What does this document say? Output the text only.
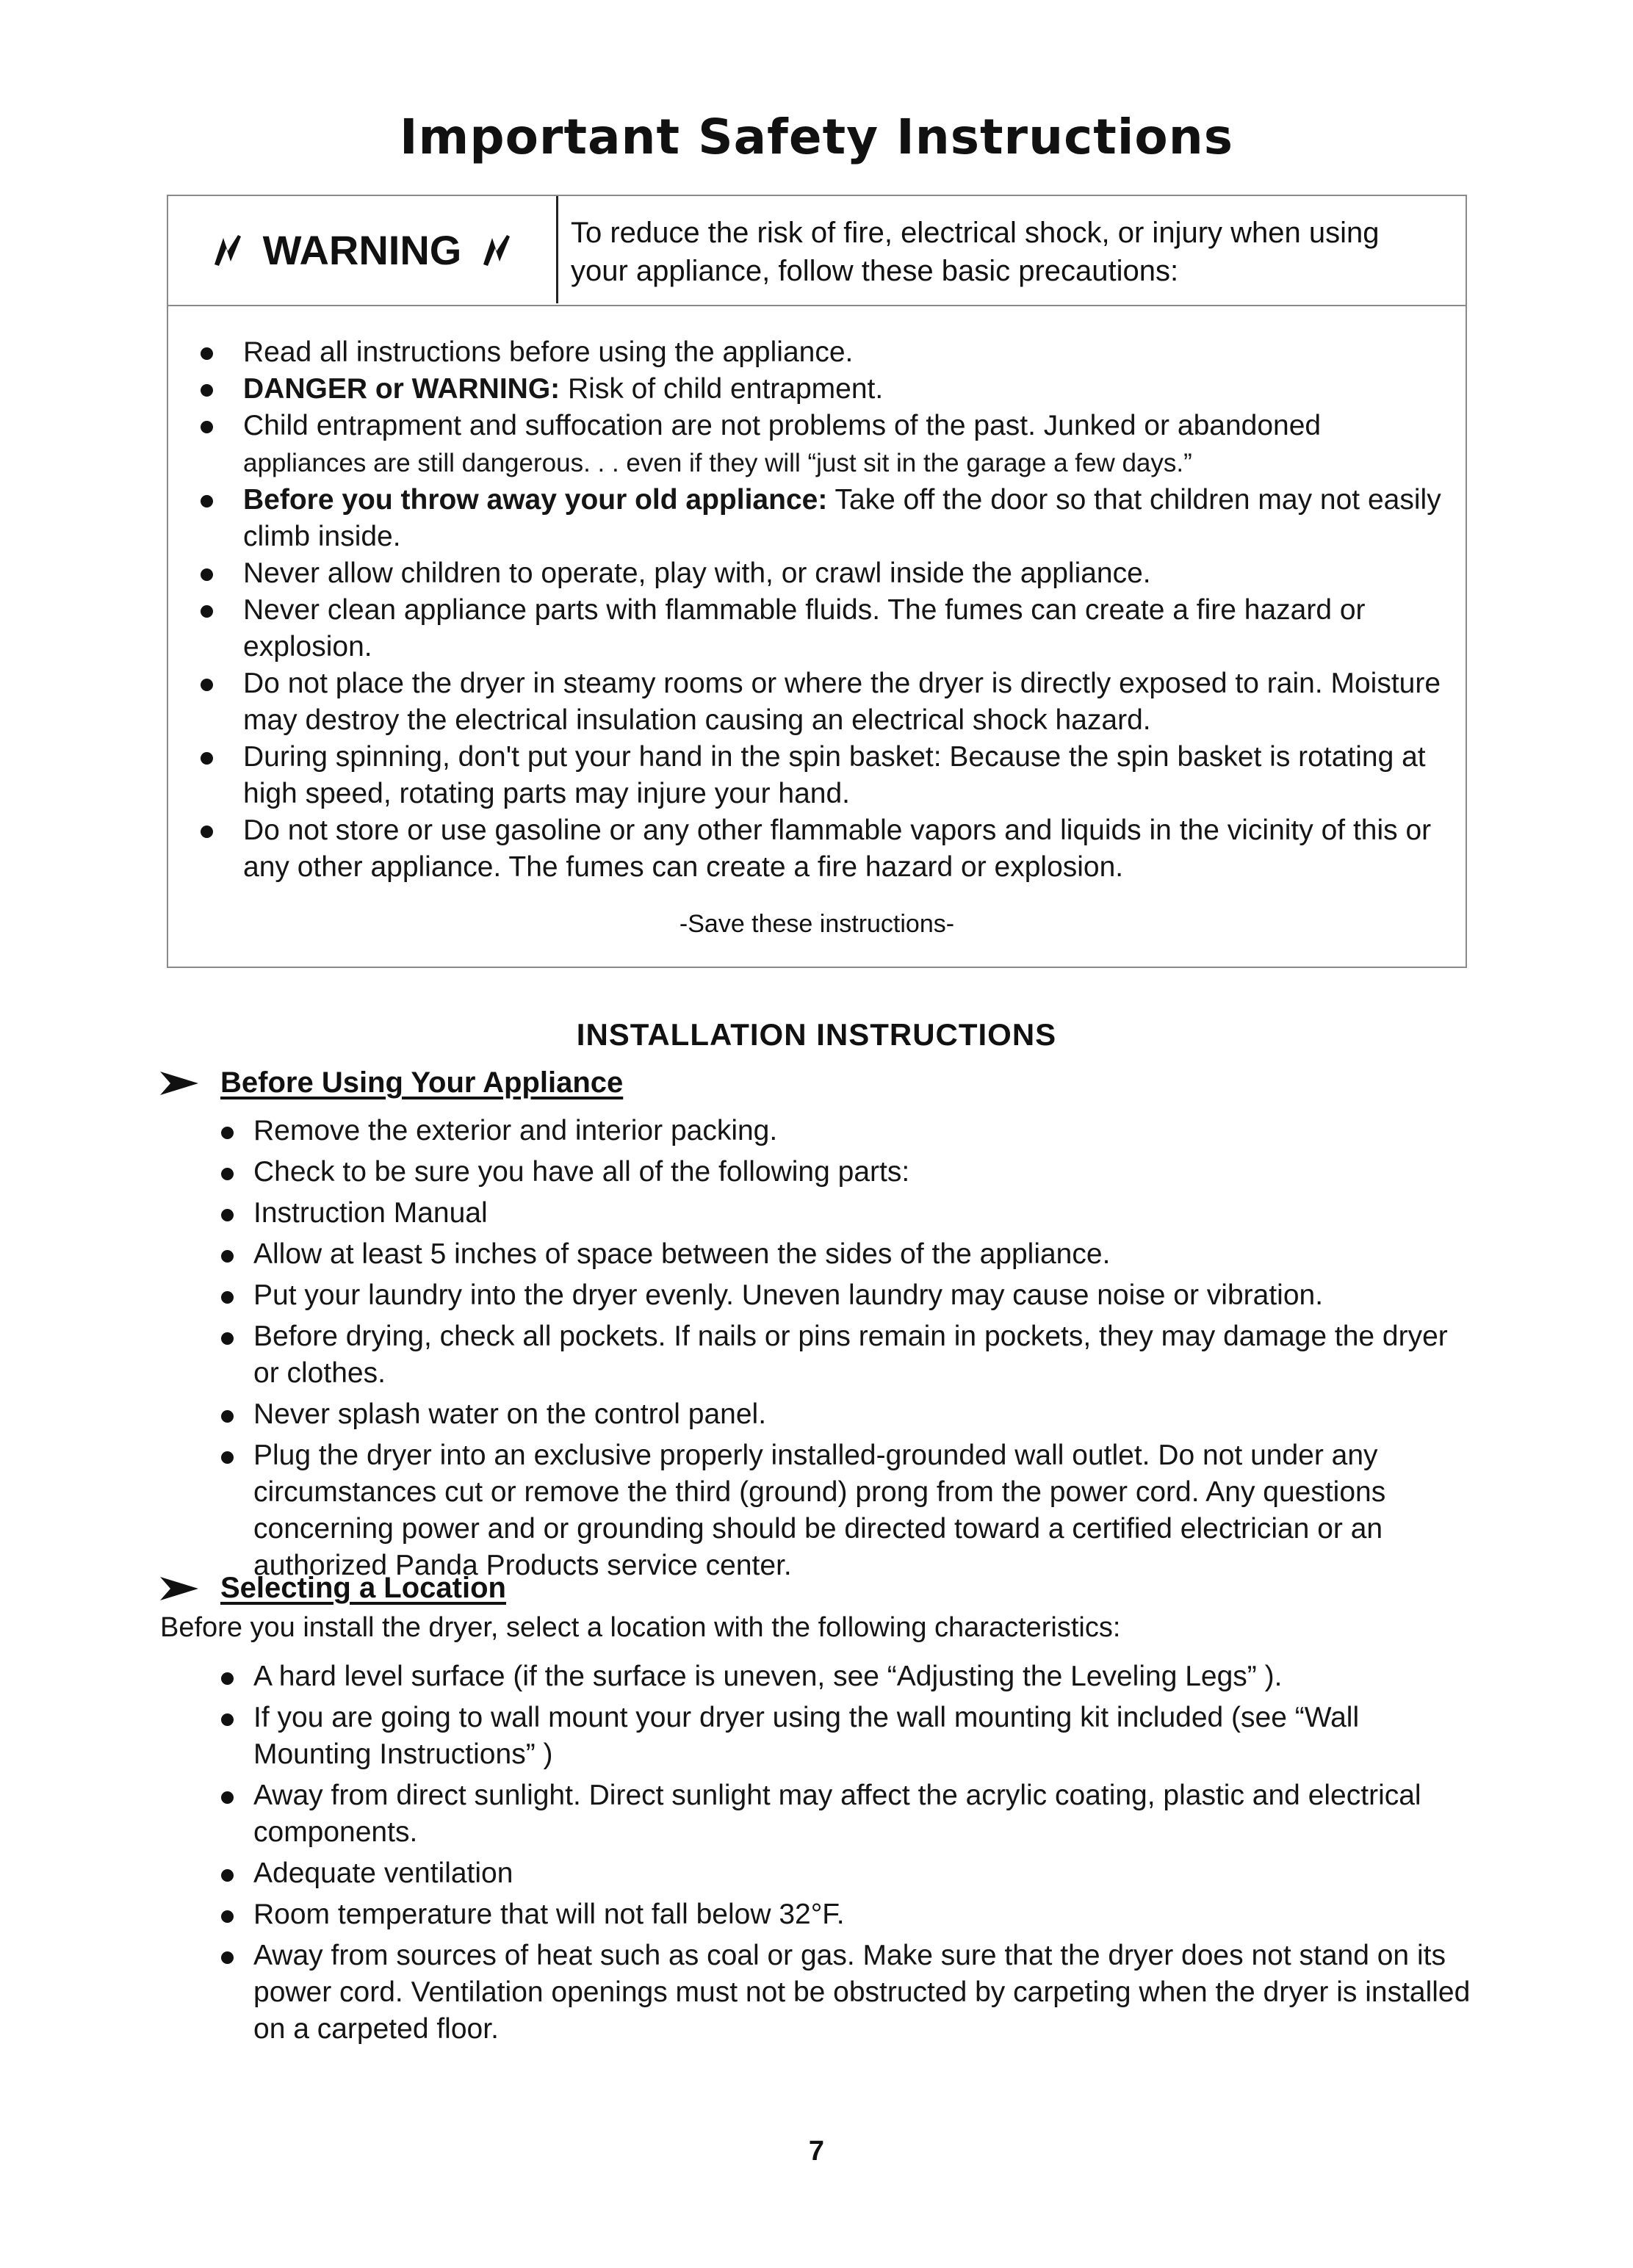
Important Safety Instructions
WARNING	To reduce the risk of fire, electrical shock, or injury when using
your appliance, follow these basic precautions:
Read all instructions before using the appliance.
DANGER or WARNING: Risk of child entrapment.
Child entrapment and suffocation are not problems of the past. Junked or abandoned
appliances are still dangerous. . . even if they will “just sit in the garage a few days.”
Before you throw away your old appliance: Take off the door so that children may not easily climb inside.
Never allow children to operate, play with, or crawl inside the appliance.
Never clean appliance parts with flammable fluids. The fumes can create a fire hazard or explosion.
Do not place the dryer in steamy rooms or where the dryer is directly exposed to rain. Moisture may destroy the electrical insulation causing an electrical shock hazard.
During spinning, don't put your hand in the spin basket: Because the spin basket is rotating at high speed, rotating parts may injure your hand.
Do not store or use gasoline or any other flammable vapors and liquids in the vicinity of this or any other appliance. The fumes can create a fire hazard or explosion.
-Save these instructions-
INSTALLATION INSTRUCTIONS
Before Using Your Appliance
Remove the exterior and interior packing.
Check to be sure you have all of the following parts:
Instruction Manual
Allow at least 5 inches of space between the sides of the appliance.
Put your laundry into the dryer evenly. Uneven laundry may cause noise or vibration.
Before drying, check all pockets. If nails or pins remain in pockets, they may damage the dryer or clothes.
Never splash water on the control panel.
Plug the dryer into an exclusive properly installed-grounded wall outlet. Do not under any circumstances cut or remove the third (ground) prong from the power cord. Any questions concerning power and or grounding should be directed toward a certified electrician or an authorized Panda Products service center.
Selecting a Location
Before you install the dryer, select a location with the following characteristics:
A hard level surface (if the surface is uneven, see “Adjusting the Leveling Legs” ).
If you are going to wall mount your dryer using the wall mounting kit included (see “Wall Mounting Instructions” )
Away from direct sunlight. Direct sunlight may affect the acrylic coating, plastic and electrical components.
Adequate ventilation
Room temperature that will not fall below 32°F.
Away from sources of heat such as coal or gas. Make sure that the dryer does not stand on its power cord. Ventilation openings must not be obstructed by carpeting when the dryer is installed on a carpeted floor.
7
